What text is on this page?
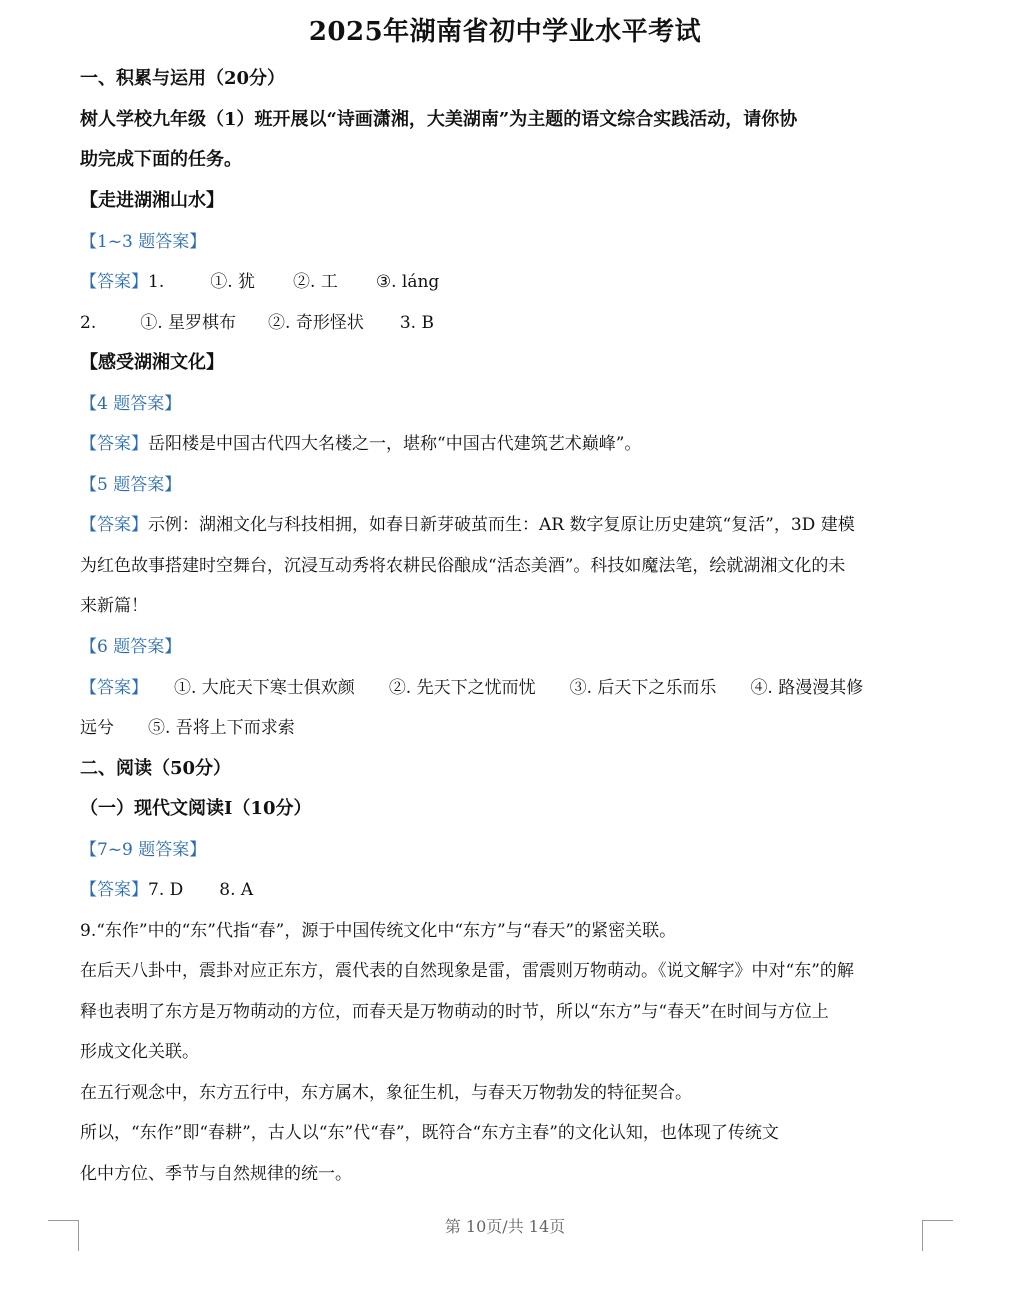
2025年湖南省初中学业水平考试
一、积累与运用（20分）
树人学校九年级（1）班开展以“诗画潇湘，大美湖南”为主题的语文综合实践活动，请你协
助完成下面的任务。
【走进湖湘山水】
【1~3 题答案】
【答案】1.	①. 犹 ②. 工 ③. láng
2.	①. 星罗棋布 ②. 奇形怪状 3. B
【感受湖湘文化】
【4 题答案】
【答案】岳阳楼是中国古代四大名楼之一，堪称“中国古代建筑艺术巅峰”。
【5 题答案】
【答案】示例：湖湘文化与科技相拥，如春日新芽破茧而生：AR 数字复原让历史建筑“复活”，3D 建模
为红色故事搭建时空舞台，沉浸互动秀将农耕民俗酿成“活态美酒”。科技如魔法笔，绘就湖湘文化的未
来新篇！
【6 题答案】
【答案】 ①. 大庇天下寒士俱欢颜 ②. 先天下之忧而忧 ③. 后天下之乐而乐 ④. 路漫漫其修
远兮 ⑤. 吾将上下而求索
二、阅读（50分）
（一）现代文阅读Ⅰ（10分）
【7~9 题答案】
【答案】7. D 8. A
9.“东作”中的“东”代指“春”，源于中国传统文化中“东方”与“春天”的紧密关联。
在后天八卦中，震卦对应正东方，震代表的自然现象是雷，雷震则万物萌动。《说文解字》中对“东”的解
释也表明了东方是万物萌动的方位，而春天是万物萌动的时节，所以“东方”与“春天”在时间与方位上
形成文化关联。
在五行观念中，东方五行中，东方属木，象征生机，与春天万物勃发的特征契合。
所以，“东作”即“春耕”，古人以“东”代“春”，既符合“东方主春”的文化认知，也体现了传统文
化中方位、季节与自然规律的统一。
第 10页/共 14页
